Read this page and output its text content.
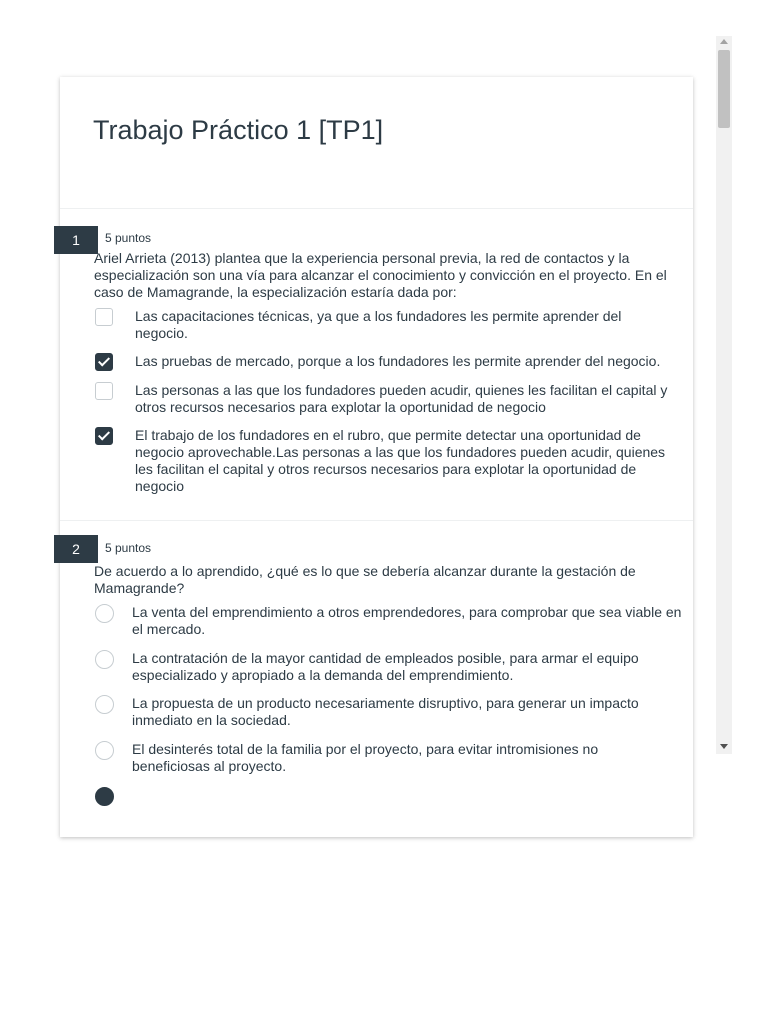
Trabajo Práctico 1 [TP1]
1	5 puntos
Ariel Arrieta (2013) plantea que la experiencia personal previa, la red de contactos y la especialización son una vía para alcanzar el conocimiento y convicción en el proyecto. En el caso de Mamagrande, la especialización estaría dada por:
Las capacitaciones técnicas, ya que a los fundadores les permite aprender del negocio.
Las pruebas de mercado, porque a los fundadores les permite aprender del negocio.
Las personas a las que los fundadores pueden acudir, quienes les facilitan el capital y otros recursos necesarios para explotar la oportunidad de negocio
El trabajo de los fundadores en el rubro, que permite detectar una oportunidad de negocio aprovechable.Las personas a las que los fundadores pueden acudir, quienes les facilitan el capital y otros recursos necesarios para explotar la oportunidad de negocio
2	5 puntos
De acuerdo a lo aprendido, ¿qué es lo que se debería alcanzar durante la gestación de Mamagrande?
La venta del emprendimiento a otros emprendedores, para comprobar que sea viable en el mercado.
La contratación de la mayor cantidad de empleados posible, para armar el equipo especializado y apropiado a la demanda del emprendimiento.
La propuesta de un producto necesariamente disruptivo, para generar un impacto inmediato en la sociedad.
El desinterés total de la familia por el proyecto, para evitar intromisiones no beneficiosas al proyecto.
